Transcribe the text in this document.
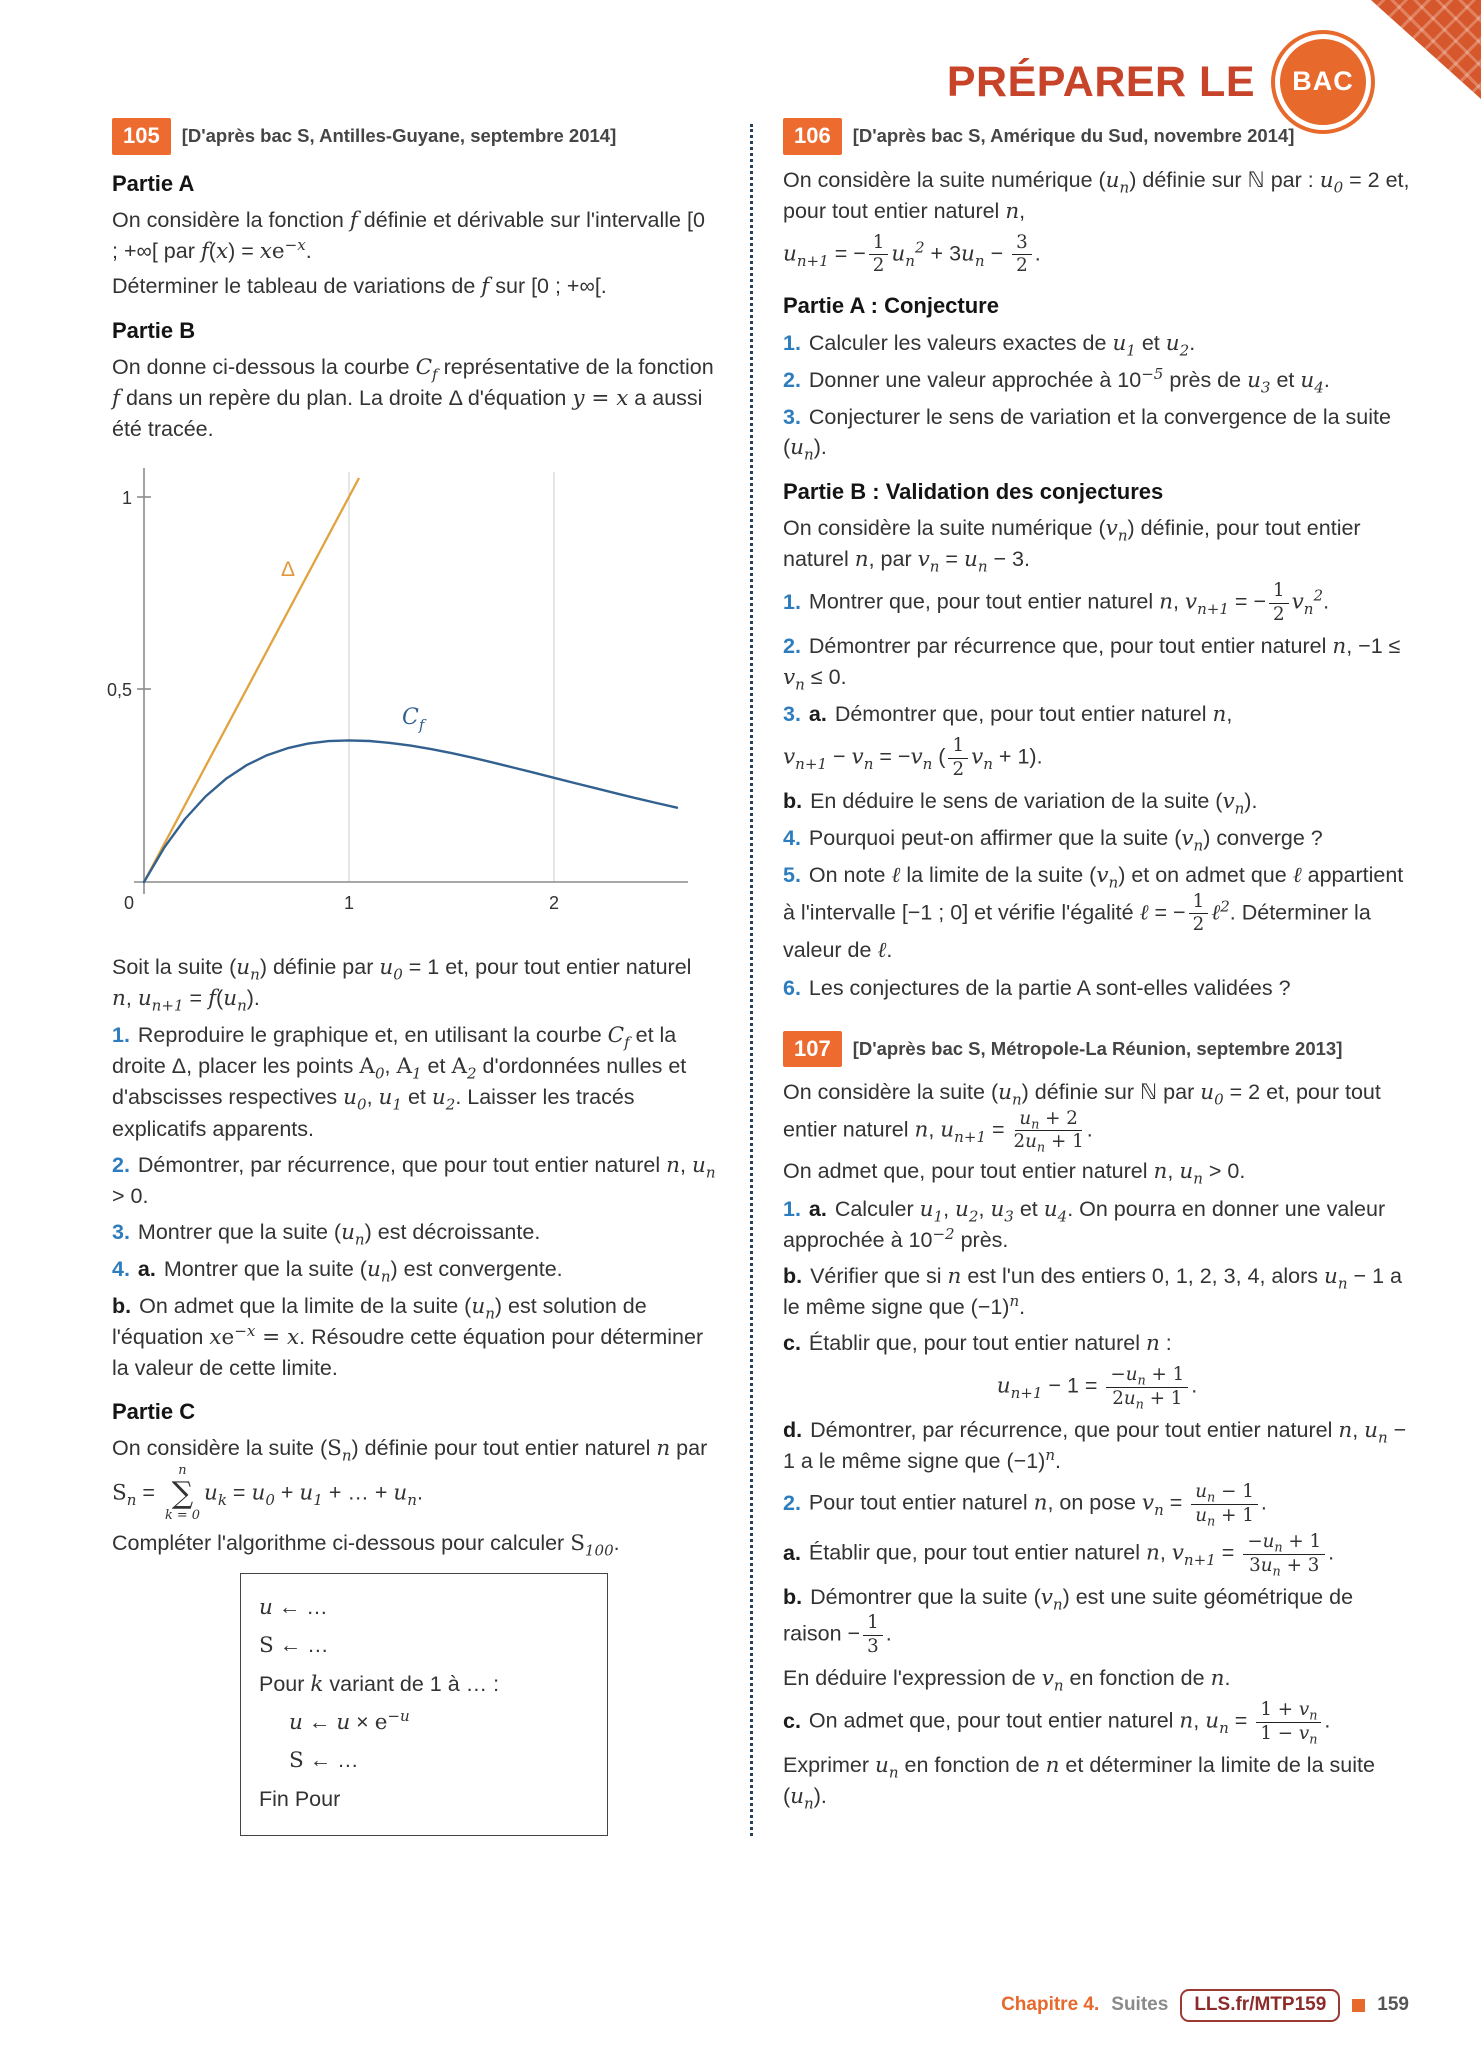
PRÉPARER LE BAC
105	[D'après bac S, Antilles-Guyane, septembre 2014]
Partie A
On considère la fonction f définie et dérivable sur l'intervalle [0 ; +∞[ par $f(x) = xe^{-x}$.
Déterminer le tableau de variations de f sur [0 ; +∞[.
Partie B
On donne ci-dessous la courbe $C_f$ représentative de la fonction f dans un repère du plan. La droite Δ d'équation y = x a aussi été tracée.
1
0,5
0	1	2
Δ
$C_f$
Soit la suite $(u_n)$ définie par $u_0 = 1$ et, pour tout entier naturel n, $u_{n+1} = f(u_n)$.
1. Reproduire le graphique et, en utilisant la courbe $C_f$ et la droite Δ, placer les points $A_0$, $A_1$ et $A_2$ d'ordonnées nulles et d'abscisses respectives $u_0$, $u_1$ et $u_2$. Laisser les tracés explicatifs apparents.
2. Démontrer, par récurrence, que pour tout entier naturel n, $u_n > 0$.
3. Montrer que la suite $(u_n)$ est décroissante.
4. a. Montrer que la suite $(u_n)$ est convergente.
b. On admet que la limite de la suite $(u_n)$ est solution de l'équation $xe^{-x} = x$. Résoudre cette équation pour déterminer la valeur de cette limite.
Partie C
On considère la suite $(S_n)$ définie pour tout entier naturel n par $S_n$ =
n
∑
k = 0
$u_k = u_0 + u_1$ + … + $u_n$.
Compléter l'algorithme ci-dessous pour calculer $S_{100}$.
u ← …
S ← …
Pour k variant de 1 à … :
u ← $u \times e^{-u}$
S ← …
Fin Pour
106	[D'après bac S, Amérique du Sud, novembre 2014]
On considère la suite numérique $(u_n)$ définie sur ℕ par : $u_0 = 2$ et, pour tout entier naturel n,
$u_{n+1}$ = − $\frac{1}{2} u_n^2 + 3u_n - \frac{3}{2}$ .
Partie A : Conjecture
1. Calculer les valeurs exactes de $u_1$ et $u_2$.
2. Donner une valeur approchée à $10^{-5}$ près de $u_3$ et $u_4$.
3. Conjecturer le sens de variation et la convergence de la suite $(u_n)$.
Partie B : Validation des conjectures
On considère la suite numérique $(v_n)$ définie, pour tout entier naturel n, par $v_n = u_n - 3$.
1. Montrer que, pour tout entier naturel n, $v_{n+1}$ = − $\frac{1}{2} v_n^2$.
2. Démontrer par récurrence que, pour tout entier naturel n, $-1 \le v_n \le 0$.
3. a. Démontrer que, pour tout entier naturel n,
$v_{n+1} - v_n = -v_n$ ( $\frac{1}{2} v_n + 1$).
b. En déduire le sens de variation de la suite $(v_n)$.
4. Pourquoi peut-on affirmer que la suite $(v_n)$ converge ?
5. On note ℓ la limite de la suite $(v_n)$ et on admet que ℓ appartient à l'intervalle [−1 ; 0] et vérifie l'égalité ℓ = − $\frac{1}{2}$ ℓ$^2$. Déterminer la valeur de ℓ.
6. Les conjectures de la partie A sont-elles validées ?
107	[D'après bac S, Métropole-La Réunion, septembre 2013]
On considère la suite $(u_n)$ définie sur ℕ par $u_0 = 2$ et, pour tout entier naturel n, $u_{n+1} = \frac{u_n + 2}{2u_n + 1}$ .
On admet que, pour tout entier naturel n, $u_n > 0$.
1. a. Calculer $u_1$, $u_2$, $u_3$ et $u_4$. On pourra en donner une valeur approchée à $10^{-2}$ près.
b. Vérifier que si n est l'un des entiers 0, 1, 2, 3, 4, alors $u_n - 1$ a le même signe que $(-1)^n$.
c. Établir que, pour tout entier naturel n :
$u_{n+1} - 1 = \frac{-u_n + 1}{2u_n + 1}$ .
d. Démontrer, par récurrence, que pour tout entier naturel n, $u_n - 1$ a le même signe que $(-1)^n$.
2. Pour tout entier naturel n, on pose $v_n = \frac{u_n - 1}{u_n + 1}$ .
a. Établir que, pour tout entier naturel n, $v_{n+1} = \frac{-u_n + 1}{3u_n + 3}$ .
b. Démontrer que la suite $(v_n)$ est une suite géométrique de raison − $\frac{1}{3}$ .
En déduire l'expression de $v_n$ en fonction de n.
c. On admet que, pour tout entier naturel n, $u_n = \frac{1 + v_n}{1 - v_n}$ .
Exprimer $u_n$ en fonction de n et déterminer la limite de la suite $(u_n)$.
Chapitre 4. Suites	LLS.fr/MTP159	159
